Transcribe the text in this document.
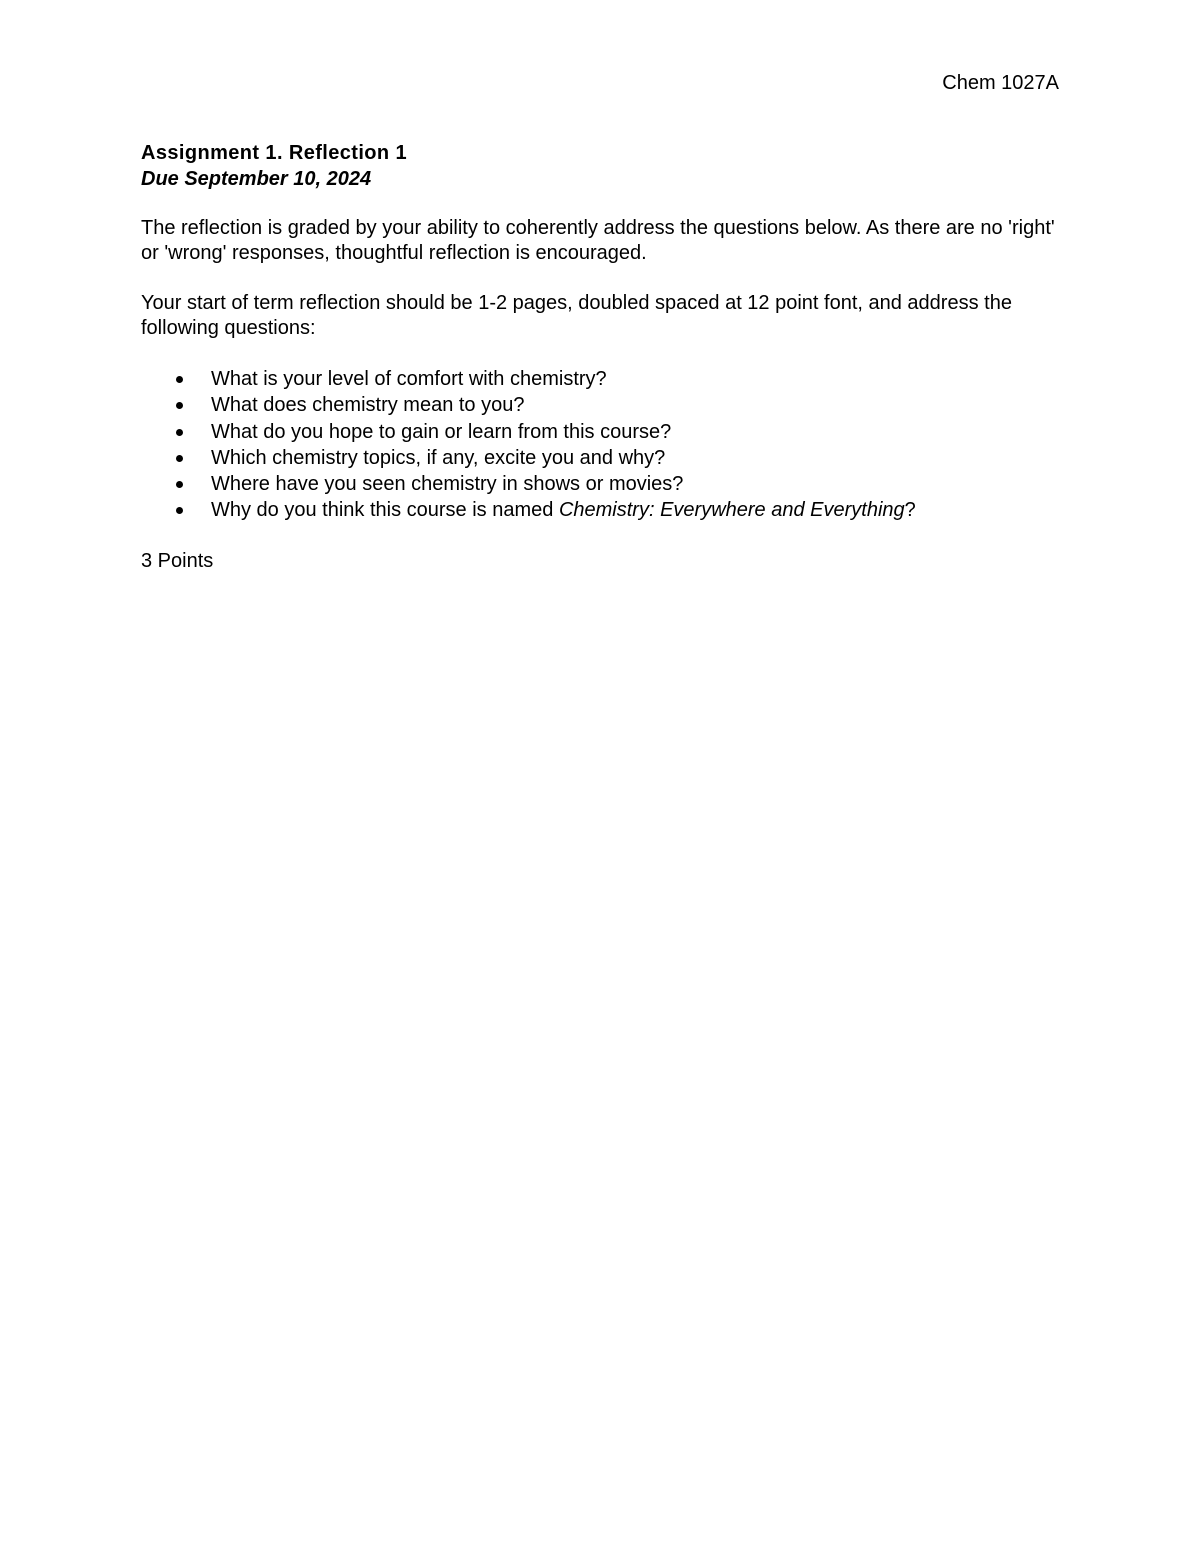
Chem 1027A
Assignment 1. Reflection 1
Due September 10, 2024
The reflection is graded by your ability to coherently address the questions below. As there are no 'right' or 'wrong' responses, thoughtful reflection is encouraged.
Your start of term reflection should be 1-2 pages, doubled spaced at 12 point font, and address the following questions:
What is your level of comfort with chemistry?
What does chemistry mean to you?
What do you hope to gain or learn from this course?
Which chemistry topics, if any, excite you and why?
Where have you seen chemistry in shows or movies?
Why do you think this course is named Chemistry: Everywhere and Everything?
3 Points
